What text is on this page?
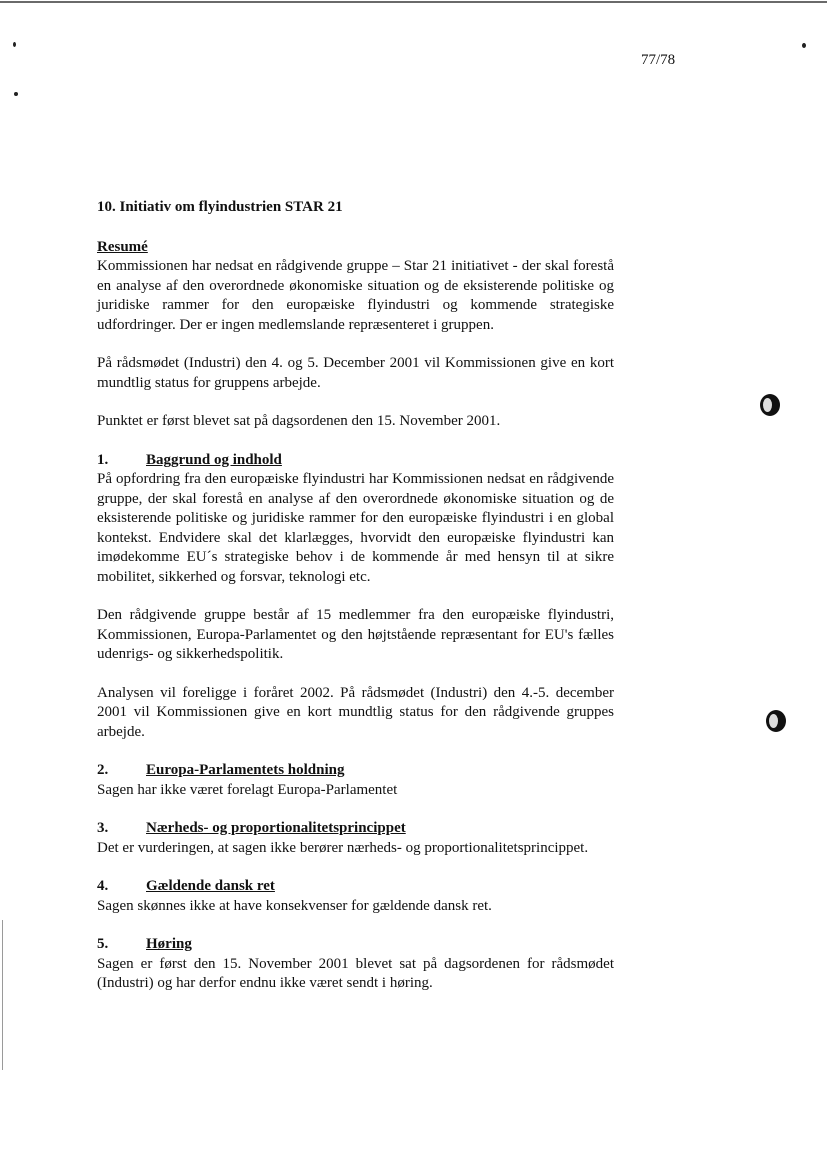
77/78
10. Initiativ om flyindustrien STAR 21
Resumé

Kommissionen har nedsat en rådgivende gruppe – Star 21 initiativet - der skal forestå en analyse af den overordnede økonomiske situation og de eksisterende politiske og juridiske rammer for den europæiske flyindustri og kommende strategiske udfordringer. Der er ingen medlemslande repræsenteret i gruppen.

På rådsmødet (Industri) den 4. og 5. December 2001 vil Kommissionen give en kort mundtlig status for gruppens arbejde.

Punktet er først blevet sat på dagsordenen den 15. November 2001.

1.	Baggrund og indhold

På opfordring fra den europæiske flyindustri har Kommissionen nedsat en rådgivende gruppe, der skal forestå en analyse af den overordnede økonomiske situation og de eksisterende politiske og juridiske rammer for den europæiske flyindustri i en global kontekst. Endvidere skal det klarlægges, hvorvidt den europæiske flyindustri kan imødekomme EU´s strategiske behov i de kommende år med hensyn til at sikre mobilitet, sikkerhed og forsvar, teknologi etc.

Den rådgivende gruppe består af 15 medlemmer fra den europæiske flyindustri, Kommissionen, Europa-Parlamentet og den højtstående repræsentant for EU's fælles udenrigs- og sikkerhedspolitik.

Analysen vil foreligge i foråret 2002. På rådsmødet (Industri) den 4.-5. december 2001 vil Kommissionen give en kort mundtlig status for den rådgivende gruppes arbejde.

2.	Europa-Parlamentets holdning

Sagen har ikke været forelagt Europa-Parlamentet

3.	Nærheds- og proportionalitetsprincippet

Det er vurderingen, at sagen ikke berører nærheds- og proportionalitetsprincippet.

4.	Gældende dansk ret

Sagen skønnes ikke at have konsekvenser for gældende dansk ret.

5.	Høring

Sagen er først den 15. November 2001 blevet sat på dagsordenen for rådsmødet (Industri) og har derfor endnu ikke været sendt i høring.
